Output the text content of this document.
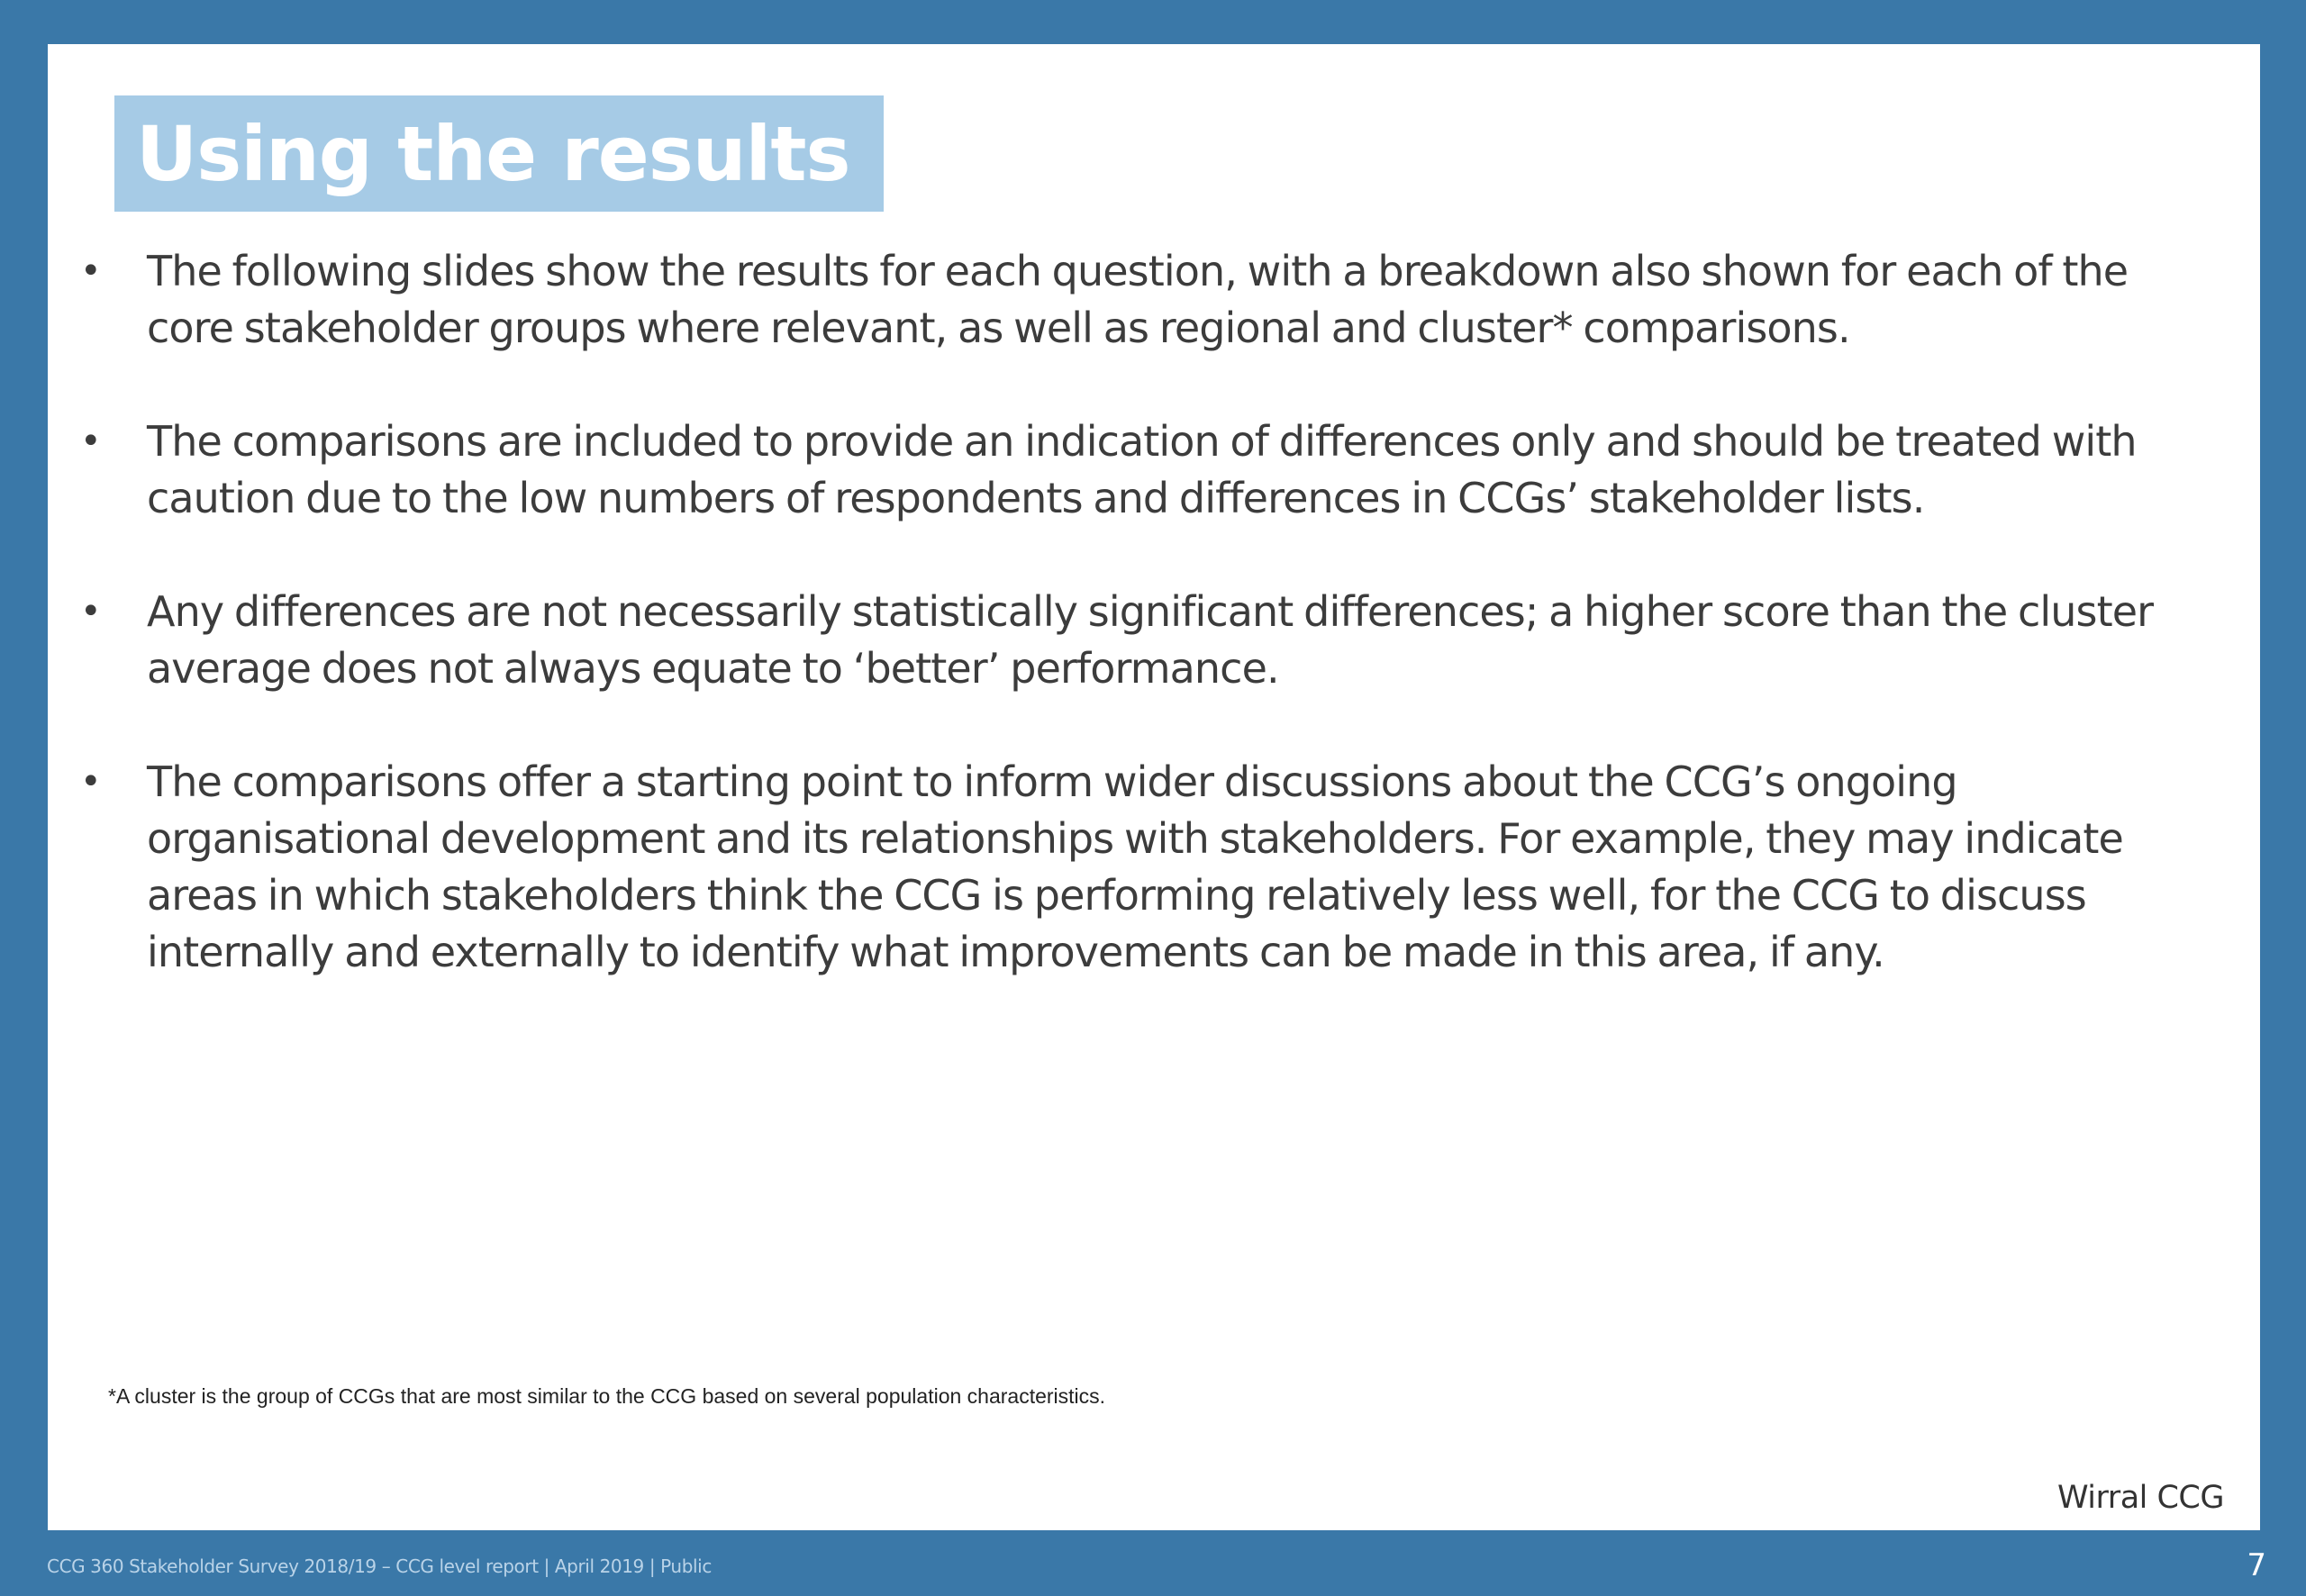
Using the results
• The following slides show the results for each question, with a breakdown also shown for each of the core stakeholder groups where relevant, as well as regional and cluster* comparisons.
• The comparisons are included to provide an indication of differences only and should be treated with caution due to the low numbers of respondents and differences in CCGs’ stakeholder lists.
• Any differences are not necessarily statistically significant differences; a higher score than the cluster average does not always equate to ‘better’ performance.
• The comparisons offer a starting point to inform wider discussions about the CCG’s ongoing organisational development and its relationships with stakeholders. For example, they may indicate areas in which stakeholders think the CCG is performing relatively less well, for the CCG to discuss internally and externally to identify what improvements can be made in this area, if any.
*A cluster is the group of CCGs that are most similar to the CCG based on several population characteristics.
Wirral CCG
CCG 360 Stakeholder Survey 2018/19 – CCG level report | April 2019 | Public	7
